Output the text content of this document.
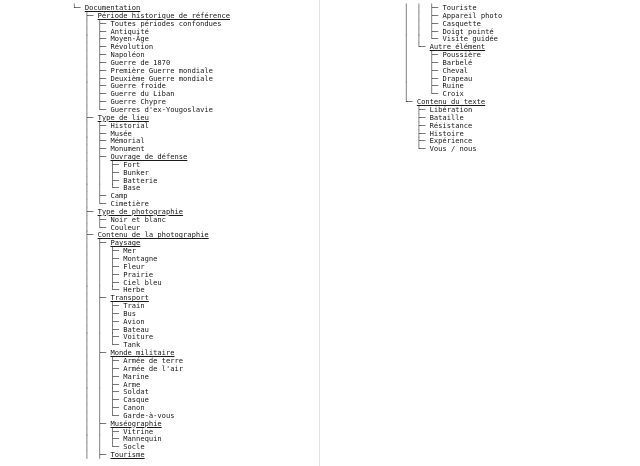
└─ Documentation
├─ Période historique de référence
│  ├─ Toutes périodes confondues
│  ├─ Antiquité
│  ├─ Moyen-Âge
│  ├─ Révolution
│  ├─ Napoléon
│  ├─ Guerre de 1870
│  ├─ Première Guerre mondiale
│  ├─ Deuxième Guerre mondiale
│  ├─ Guerre froide
│  ├─ Guerre du Liban
│  ├─ Guerre Chypre
│  └─ Guerres d'ex-Yougoslavie
├─ Type de lieu
│  ├─ Historial
│  ├─ Musée
│  ├─ Mémorial
│  ├─ Monument
│  ├─ Ouvrage de défense
│  │  ├─ Fort
│  │  ├─ Bunker
│  │  ├─ Batterie
│  │  └─ Base
│  ├─ Camp
│  └─ Cimetière
├─ Type de photographie
│  ├─ Noir et blanc
│  └─ Couleur
├─ Contenu de la photographie
│  ├─ Paysage
│  │  ├─ Mer
│  │  ├─ Montagne
│  │  ├─ Fleur
│  │  ├─ Prairie
│  │  ├─ Ciel bleu
│  │  └─ Herbe
│  ├─ Transport
│  │  ├─ Train
│  │  ├─ Bus
│  │  ├─ Avion
│  │  ├─ Bateau
│  │  ├─ Voiture
│  │  └─ Tank
│  ├─ Monde militaire
│  │  ├─ Armée de terre
│  │  ├─ Armée de l'air
│  │  ├─ Marine
│  │  ├─ Arme
│  │  ├─ Soldat
│  │  ├─ Casque
│  │  ├─ Canon
│  │  └─ Garde-à-vous
│  ├─ Muséographie
│  │  ├─ Vitrine
│  │  ├─ Mannequin
│  │  └─ Socle
│  ├─ Tourisme
│  │  ├─ Touriste
│  │  ├─ Appareil photo
│  │  ├─ Casquette
│  │  ├─ Doigt pointé
│  │  └─ Visite guidée
│  └─ Autre élément
│     ├─ Poussière
│     ├─ Barbelé
│     ├─ Cheval
│     ├─ Drapeau
│     ├─ Ruine
│     └─ Croix
└─ Contenu du texte
├─ Libération
├─ Bataille
├─ Résistance
├─ Histoire
├─ Expérience
└─ Vous / nous
